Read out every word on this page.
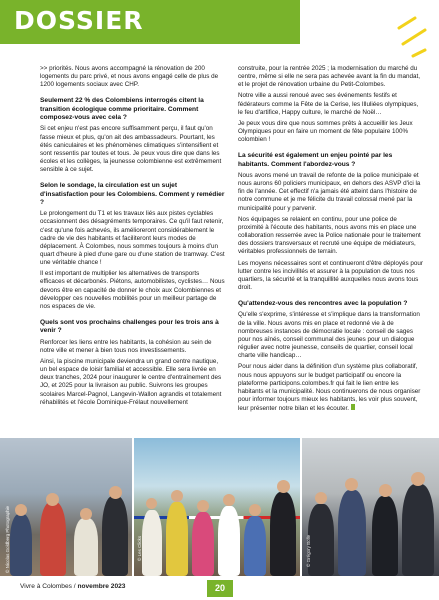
DOSSIER

>> priorités. Nous avons accompagné la rénovation de 200 logements du parc privé, et nous avons engagé celle de plus de 1200 logements sociaux avec CHP.

Seulement 22 % des Colombiens interrogés citent la transition écologique comme prioritaire. Comment composez-vous avec cela ?

Si cet enjeu n'est pas encore suffisamment perçu, il faut qu'on fasse mieux et plus, qu'on ait des ambassadeurs. Pourtant, les étés caniculaires et les phénomènes climatiques s'intensifient et sont ressentis par toutes et tous. Je peux vous dire que dans les écoles et les collèges, la jeunesse colombienne est extrêmement sensible à ce sujet.

Selon le sondage, la circulation est un sujet d'insatisfaction pour les Colombiens. Comment y remédier ?

Le prolongement du T1 et les travaux liés aux pistes cyclables occasionnent des désagréments temporaires. Ce qu'il faut retenir, c'est qu'une fois achevés, ils amélioreront considérablement le cadre de vie des habitants et faciliteront leurs modes de déplacement. À Colombes, nous sommes toujours à moins d'un quart d'heure à pied d'une gare ou d'une station de tramway. C'est une véritable chance !

Il est important de multiplier les alternatives de transports efficaces et décarbonés. Piétons, automobilistes, cyclistes… Nous devons être en capacité de donner le choix aux Colombiennes et développer ces nouvelles mobilités pour un meilleur partage de nos espaces de vie.

Quels sont vos prochains challenges pour les trois ans à venir ?

Renforcer les liens entre les habitants, la cohésion au sein de notre ville et mener à bien tous nos investissements.

Ainsi, la piscine municipale deviendra un grand centre nautique, un bel espace de loisir familial et accessible. Elle sera livrée en deux tranches, 2024 pour inaugurer le centre d'entraînement des JO, et 2025 pour la livraison au public. Suivrons les groupes scolaires Marcel-Pagnol, Langevin-Wallon agrandis et totalement réhabilités et l'école Dominique-Frélaut nouvellement

construite, pour la rentrée 2025 ; la modernisation du marché du centre, même si elle ne sera pas achevée avant la fin du mandat, et le projet de rénovation urbaine du Petit-Colombes.

Notre ville a aussi renoué avec ses événements festifs et fédérateurs comme la Fête de la Cerise, les Illuliées olympiques, le feu d'artifice, Happy culture, le marché de Noël…

Je peux vous dire que nous sommes prêts à accueillir les Jeux Olympiques pour en faire un moment de fête populaire 100% colombien !

La sécurité est également un enjeu pointé par les habitants. Comment l'abordez-vous ?

Nous avons mené un travail de refonte de la police municipale et nous aurons 60 policiers municipaux, en dehors des ASVP d'ici la fin de l'année. Cet effectif n'a jamais été atteint dans l'histoire de notre commune et je me félicite du travail colossal mené par la municipalité pour y parvenir.

Nos équipages se relaient en continu, pour une police de proximité à l'écoute des habitants, nous avons mis en place une collaboration resserrée avec la Police nationale pour le traitement des dossiers transversaux et recruté une équipe de médiateurs, véritables professionnels de terrain.

Les moyens nécessaires sont et continueront d'être déployés pour lutter contre les incivilités et assurer à la population de tous nos quartiers, la sécurité et la tranquillité auxquelles nous avons tous droit.

Qu'attendez-vous des rencontres avec la population ?

Qu'elle s'exprime, s'intéresse et s'implique dans la transformation de la ville. Nous avons mis en place et redonné vie à de nombreuses instances de démocratie locale : conseil de sages pour nos aînés, conseil communal des jeunes pour un dialogue régulier avec notre jeunesse, conseils de quartier, conseil local charte ville handicap…

Pour nous aider dans la définition d'un système plus collaboratif, nous nous appuyons sur le budget participatif ou encore la plateforme participons.colombes.fr qui fait le lien entre les habitants et la municipalité. Nous continuerons de nous organiser pour informer toujours mieux les habitants, les voir plus souvent, leur présenter notre bilan et les écouter.

© Nicolas Goldberg Photographie	© Les Clicks	© Grégory Bolle
Vivre à Colombes / novembre 2023	20
